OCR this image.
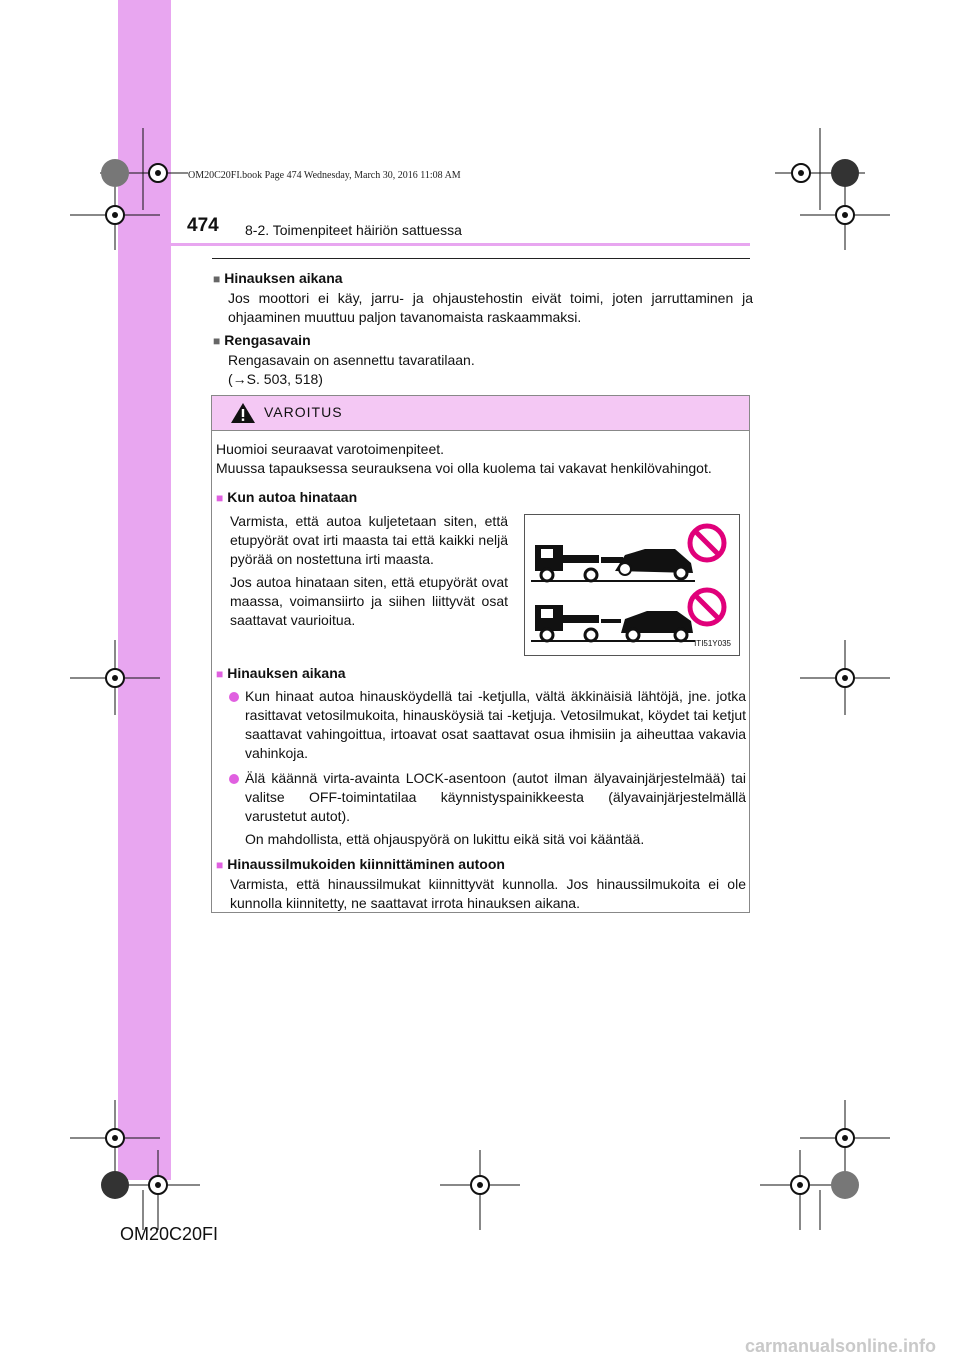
OM20C20FI.book Page 474 Wednesday, March 30, 2016 11:08 AM
474 8-2. Toimenpiteet häiriön sattuessa
■ Hinauksen aikana
Jos moottori ei käy, jarru- ja ohjaustehostin eivät toimi, joten jarruttaminen ja ohjaaminen muuttuu paljon tavanomaista raskaammaksi.
■ Rengasavain
Rengasavain on asennettu tavaratilaan.
(→S. 503, 518)
VAROITUS

Huomioi seuraavat varotoimenpiteet.

Muussa tapauksessa seurauksena voi olla kuolema tai vakavat henkilövahingot.

■ Kun autoa hinataan

Varmista, että autoa kuljetetaan siten, että etupyörät ovat irti maasta tai että kaikki neljä pyörää on nostettuna irti maasta.

Jos autoa hinataan siten, että etupyörät ovat maassa, voimansiirto ja siihen liittyvät osat saattavat vaurioitua.

ITI51Y035
■ Hinauksen aikana
Kun hinaat autoa hinausköydellä tai -ketjulla, vältä äkkinäisiä lähtöjä, jne. jotka rasittavat vetosilmukoita, hinausköysiä tai -ketjuja. Vetosilmukat, köydet tai ketjut saattavat vahingoittua, irtoavat osat saattavat osua ihmisiin ja aiheuttaa vakavia vahinkoja.
Älä käännä virta-avainta LOCK-asentoon (autot ilman älyavainjärjestelmää) tai valitse OFF-toimintatilaa käynnistyspainikkeesta (älyavainjärjestelmällä varustetut autot).
On mahdollista, että ohjauspyörä on lukittu eikä sitä voi kääntää.
■ Hinaussilmukoiden kiinnittäminen autoon
Varmista, että hinaussilmukat kiinnittyvät kunnolla. Jos hinaussilmukoita ei ole kunnolla kiinnitetty, ne saattavat irrota hinauksen aikana.
OM20C20FI
carmanualsonline.info
